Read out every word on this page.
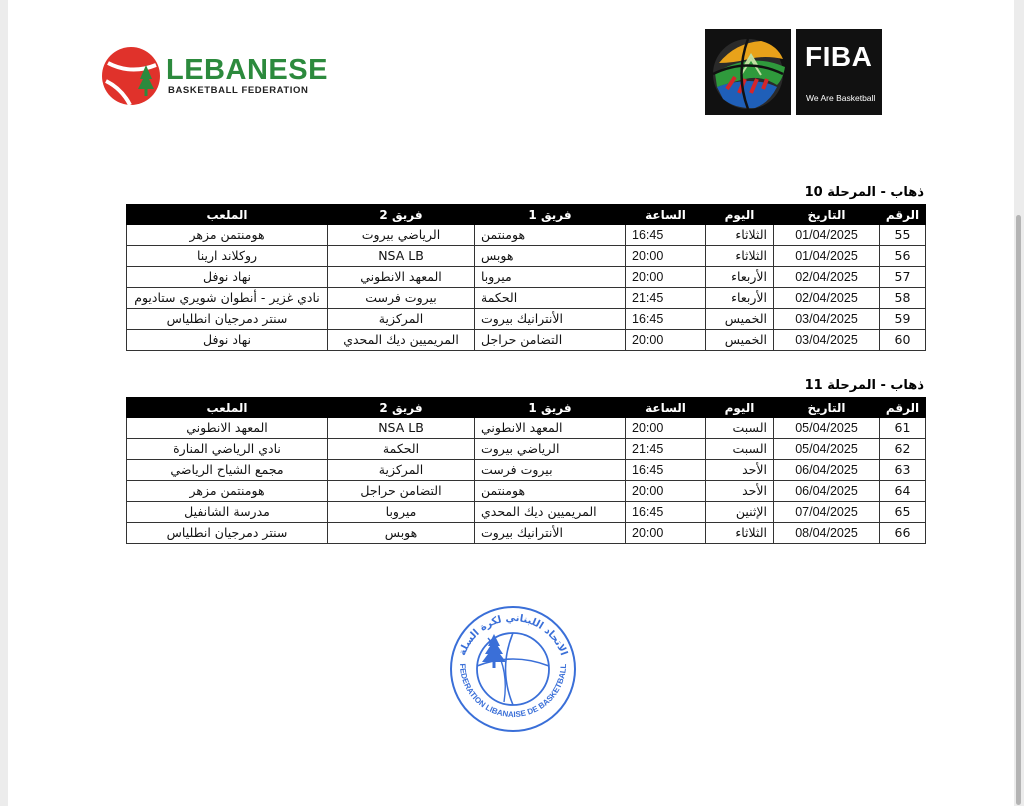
LEBANESE
BASKETBALL FEDERATION
FIBA
We Are Basketball
ذهاب - المرحلة 10
الرقم	التاريخ	اليوم	الساعة	فريق 1	فريق 2	الملعب
55	01/04/2025	الثلاثاء	16:45	هومنتمن	الرياضي بيروت	هومنتمن مزهر
56	01/04/2025	الثلاثاء	20:00	هوبس	NSA LB	روكلاند ارينا
57	02/04/2025	الأربعاء	20:00	ميروبا	المعهد الانطوني	نهاد نوفل
58	02/04/2025	الأربعاء	21:45	الحكمة	بيروت فرست	نادي غزير - أنطوان شويري ستاديوم
59	03/04/2025	الخميس	16:45	الأنترانيك بيروت	المركزية	سنتر دمرجيان انطلياس
60	03/04/2025	الخميس	20:00	التضامن حراجل	المريميين ديك المحدي	نهاد نوفل
ذهاب - المرحلة 11
الرقم	التاريخ	اليوم	الساعة	فريق 1	فريق 2	الملعب
61	05/04/2025	السبت	20:00	المعهد الانطوني	NSA LB	المعهد الانطوني
62	05/04/2025	السبت	21:45	الرياضي بيروت	الحكمة	نادي الرياضي المنارة
63	06/04/2025	الأحد	16:45	بيروت فرست	المركزية	مجمع الشياح الرياضي
64	06/04/2025	الأحد	20:00	هومنتمن	التضامن حراجل	هومنتمن مزهر
65	07/04/2025	الإثنين	16:45	المريميين ديك المحدي	ميروبا	مدرسة الشانفيل
66	08/04/2025	الثلاثاء	20:00	الأنترانيك بيروت	هوبس	سنتر دمرجيان انطلياس
الاتحاد اللبناني لكرة السلة
FEDERATION LIBANAISE DE BASKETBALL
